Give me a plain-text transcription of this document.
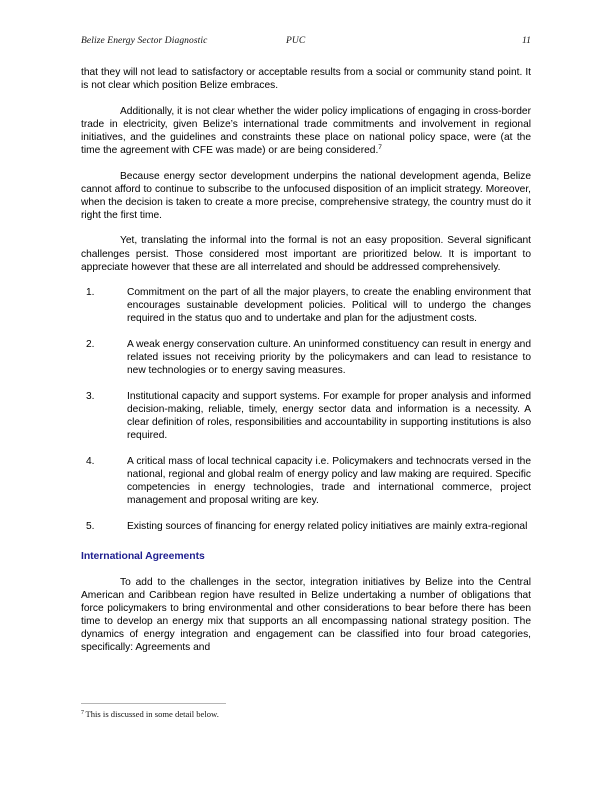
Belize Energy Sector Diagnostic	PUC	11

that they will not lead to satisfactory or acceptable results from a social or community stand point. It is not clear which position Belize embraces.

Additionally, it is not clear whether the wider policy implications of engaging in cross-border trade in electricity, given Belize’s international trade commitments and involvement in regional initiatives, and the guidelines and constraints these place on national policy space, were (at the time the agreement with CFE was made) or are being considered.$^7$

Because energy sector development underpins the national development agenda, Belize cannot afford to continue to subscribe to the unfocused disposition of an implicit strategy. Moreover, when the decision is taken to create a more precise, comprehensive strategy, the country must do it right the first time.

Yet, translating the informal into the formal is not an easy proposition. Several significant challenges persist. Those considered most important are prioritized below. It is important to appreciate however that these are all interrelated and should be addressed comprehensively.

1.	Commitment on the part of all the major players, to create the enabling environment that encourages sustainable development policies. Political will to undergo the changes required in the status quo and to undertake and plan for the adjustment costs.
2.	A weak energy conservation culture. An uninformed constituency can result in energy and related issues not receiving priority by the policymakers and can lead to resistance to new technologies or to energy saving measures.
3.	Institutional capacity and support systems. For example for proper analysis and informed decision-making, reliable, timely, energy sector data and information is a necessity. A clear definition of roles, responsibilities and accountability in supporting institutions is also required.
4.	A critical mass of local technical capacity i.e. Policymakers and technocrats versed in the national, regional and global realm of energy policy and law making are required. Specific competencies in energy technologies, trade and international commerce, project management and proposal writing are key.
5.	Existing sources of financing for energy related policy initiatives are mainly extra-regional
International Agreements

To add to the challenges in the sector, integration initiatives by Belize into the Central American and Caribbean region have resulted in Belize undertaking a number of obligations that force policymakers to bring environmental and other considerations to bear before there has been time to develop an energy mix that supports an all encompassing national strategy position. The dynamics of energy integration and engagement can be classified into four broad categories, specifically: Agreements and

$^7$ This is discussed in some detail below.
